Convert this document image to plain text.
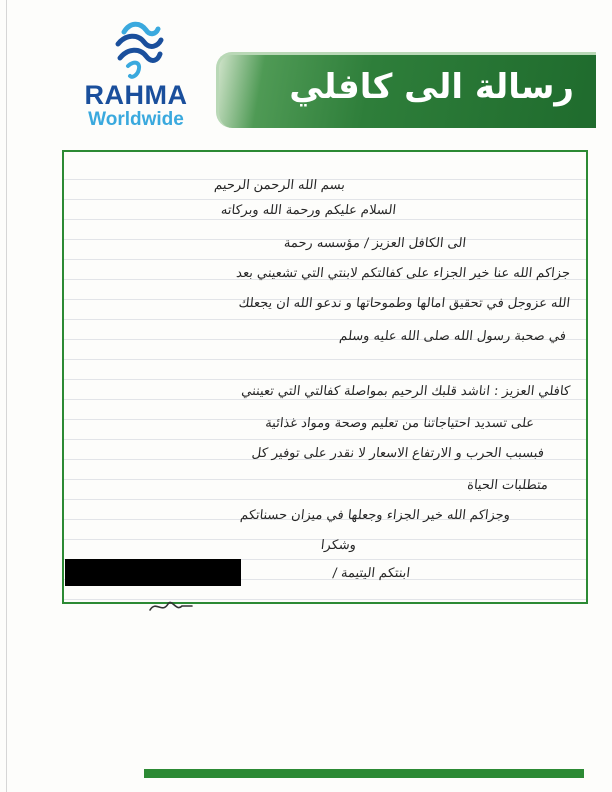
RAHMA
Worldwide
رسالة الى كافلي
بسم الله الرحمن الرحيم
السلام عليكم ورحمة الله وبركاته
الى الكافل العزيز / مؤسسه رحمة
جزاكم الله عنا خير الجزاء على كفالتكم لابنتي التي تشعيني بعد
الله عزوجل في تحقيق امالها وطموحاتها و ندعو الله ان يجعلك
في صحبة رسول الله صلى الله عليه وسلم
كافلي العزيز : اناشد قلبك الرحيم بمواصلة كفالتي التي تعينني
على تسديد احتياجاتنا من تعليم وصحة ومواد غذائية
فبسبب الحرب و الارتفاع الاسعار لا نقدر على توفير كل
متطلبات الحياة
وجزاكم الله خير الجزاء وجعلها في ميزان حسناتكم
وشكرا
ابنتكم اليتيمة /
